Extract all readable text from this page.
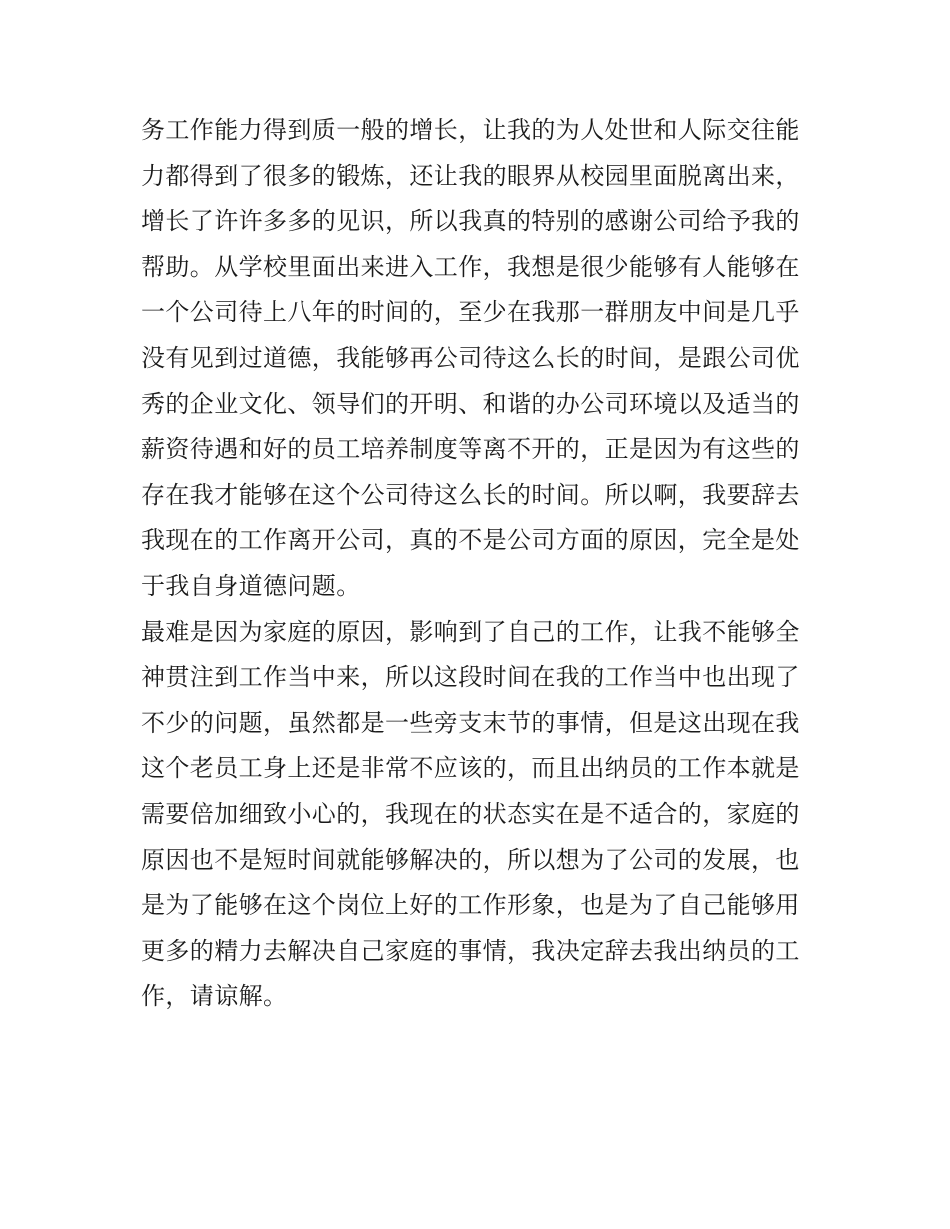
务工作能力得到质一般的增长，让我的为人处世和人际交往能
力都得到了很多的锻炼，还让我的眼界从校园里面脱离出来，
增长了许许多多的见识，所以我真的特别的感谢公司给予我的
帮助。从学校里面出来进入工作，我想是很少能够有人能够在
一个公司待上八年的时间的，至少在我那一群朋友中间是几乎
没有见到过道德，我能够再公司待这么长的时间，是跟公司优
秀的企业文化、领导们的开明、和谐的办公司环境以及适当的
薪资待遇和好的员工培养制度等离不开的，正是因为有这些的
存在我才能够在这个公司待这么长的时间。所以啊，我要辞去
我现在的工作离开公司，真的不是公司方面的原因，完全是处
于我自身道德问题。
最难是因为家庭的原因，影响到了自己的工作，让我不能够全
神贯注到工作当中来，所以这段时间在我的工作当中也出现了
不少的问题，虽然都是一些旁支末节的事情，但是这出现在我
这个老员工身上还是非常不应该的，而且出纳员的工作本就是
需要倍加细致小心的，我现在的状态实在是不适合的，家庭的
原因也不是短时间就能够解决的，所以想为了公司的发展，也
是为了能够在这个岗位上好的工作形象，也是为了自己能够用
更多的精力去解决自己家庭的事情，我决定辞去我出纳员的工
作，请谅解。
